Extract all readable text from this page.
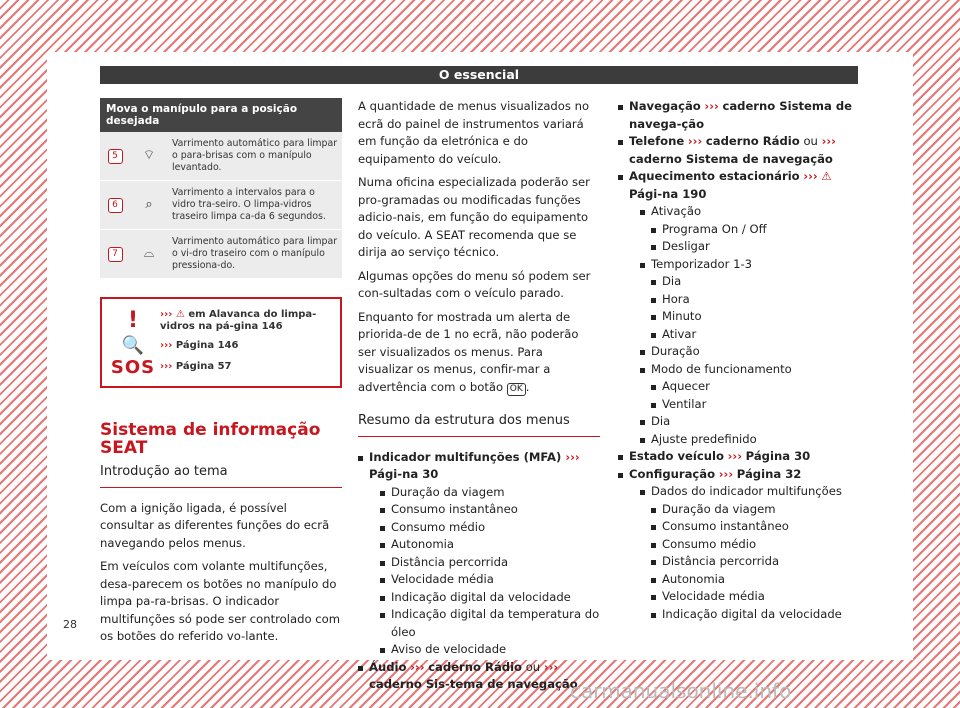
O essencial
Mova o manípulo para a posição desejada		
5	⌔	Varrimento automático para limpar o para-brisas com o manípulo levantado.
6	⌕	Varrimento a intervalos para o vidro tra-seiro. O limpa-vidros traseiro limpa ca-da 6 segundos.
7	⌓	Varrimento automático para limpar o vi-dro traseiro com o manípulo pressiona-do.
!	››› ⚠ em Alavanca do limpa-vidros na pá-gina 146
🔍	››› Página 146
SOS ››› Página 57
Sistema de informação SEAT
Introdução ao tema

Com a ignição ligada, é possível consultar as diferentes funções do ecrã navegando pelos menus.

Em veículos com volante multifunções, desa-parecem os botões no manípulo do limpa pa-ra-brisas. O indicador multifunções só pode ser controlado com os botões do referido vo-lante.

A quantidade de menus visualizados no ecrã do painel de instrumentos variará em função da eletrónica e do equipamento do veículo.

Numa oficina especializada poderão ser pro-gramadas ou modificadas funções adicio-nais, em função do equipamento do veículo. A SEAT recomenda que se dirija ao serviço técnico.

Algumas opções do menu só podem ser con-sultadas com o veículo parado.

Enquanto for mostrada um alerta de priorida-de de 1 no ecrã, não poderão ser visualizados os menus. Para visualizar os menus, confir-mar a advertência com o botão OK .

Resumo da estrutura dos menus
Indicador multifunções (MFA) ››› Pági-na 30
Duração da viagem
Consumo instantâneo
Consumo médio
Autonomia
Distância percorrida
Velocidade média
Indicação digital da velocidade
Indicação digital da temperatura do óleo
Aviso de velocidade
Áudio ››› caderno Rádio ou ››› caderno Sis-tema de navegação
Navegação ››› caderno Sistema de navega-ção
Telefone ››› caderno Rádio ou ››› caderno Sistema de navegação
Aquecimento estacionário ››› ⚠ Pági-na 190
Ativação
Programa On / Off
Desligar
Temporizador 1-3
Dia
Hora
Minuto
Ativar
Duração
Modo de funcionamento
Aquecer
Ventilar
Dia
Ajuste predefinido
Estado veículo ››› Página 30
Configuração ››› Página 32
Dados do indicador multifunções
Duração da viagem
Consumo instantâneo
Consumo médio
Distância percorrida
Autonomia
Velocidade média
Indicação digital da velocidade
28
carmanualsonline.info
